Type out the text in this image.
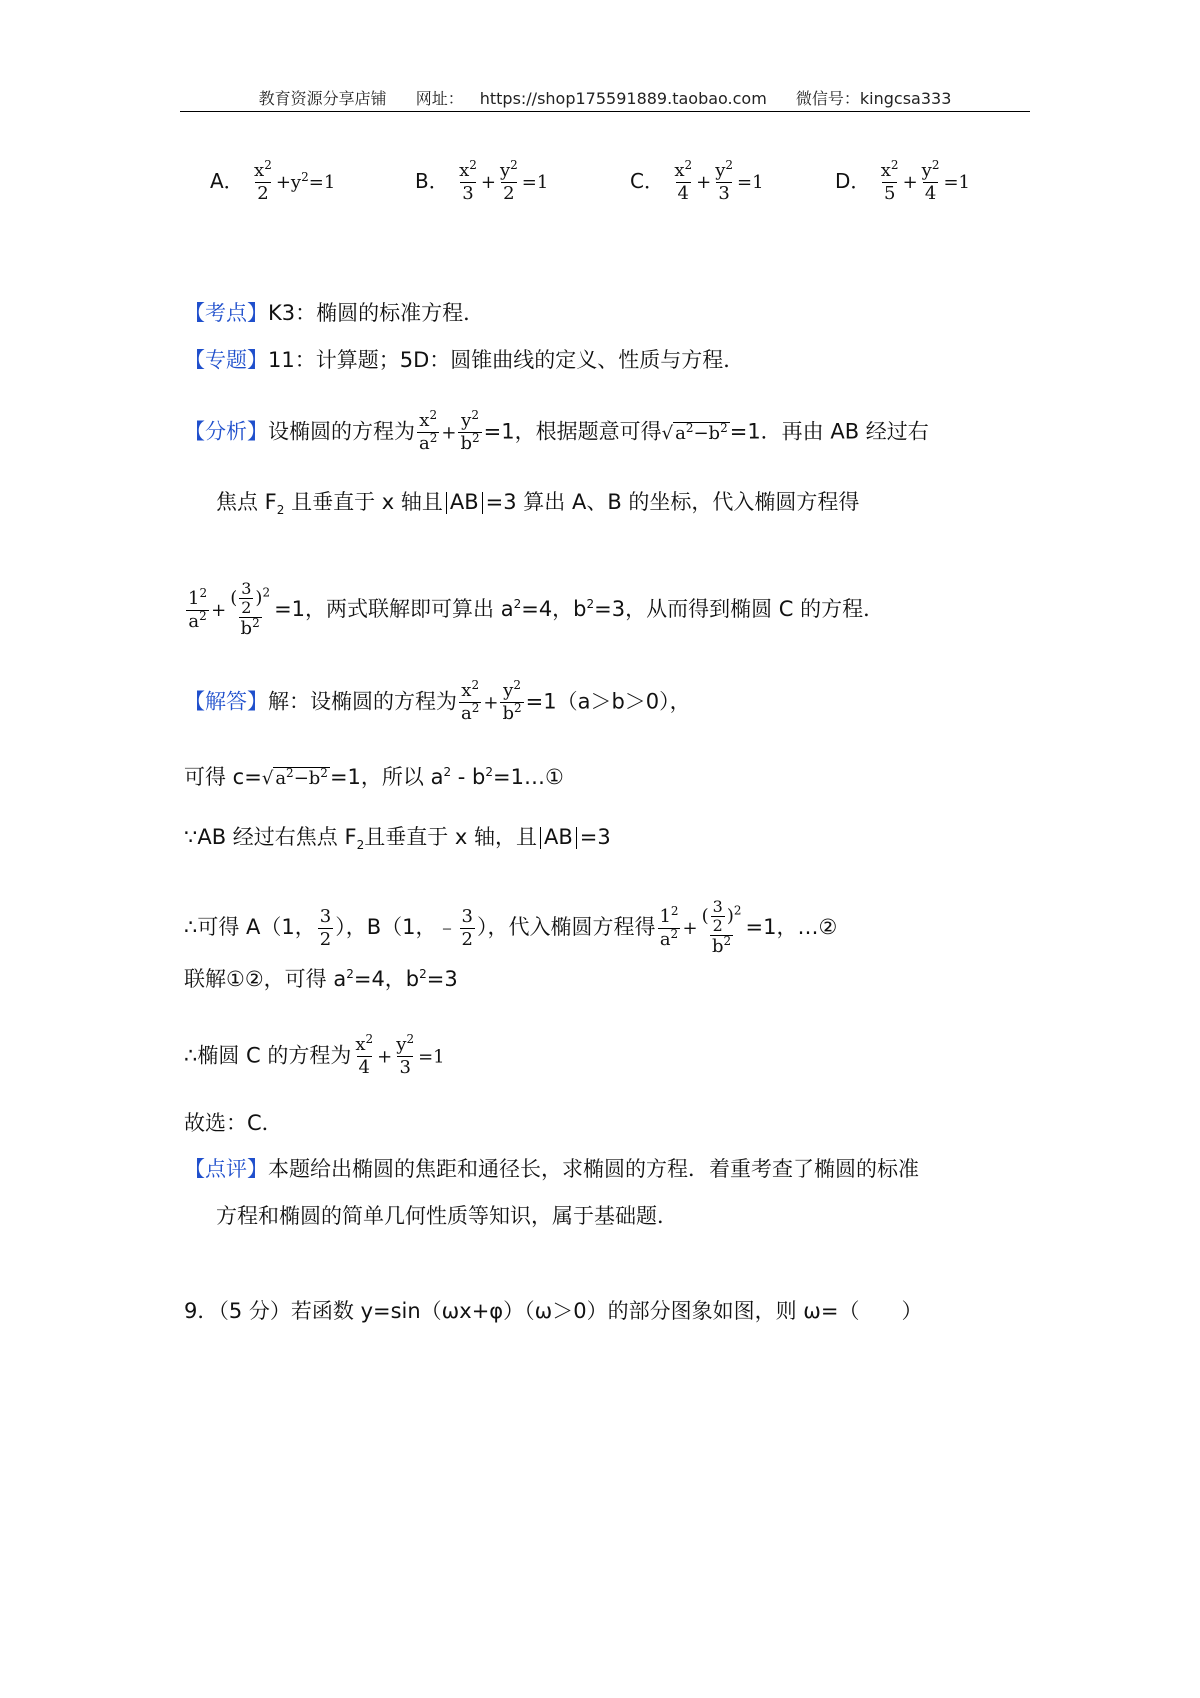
教育资源分享店铺 网址： https://shop175591889.taobao.com 微信号：kingcsa333
A． $\frac{x^2}{2} +y^2=1$	B． $\frac{x^2}{3} + \frac{y^2}{2} =1$	C． $\frac{x^2}{4} + \frac{y^2}{3} =1$	D． $\frac{x^2}{5} + \frac{y^2}{4} =1$
【考点】K3：椭圆的标准方程．
【专题】11：计算题；5D：圆锥曲线的定义、性质与方程．
【分析】设椭圆的方程为 $\frac{x^2}{a^2} + \frac{y^2}{b^2} =1$，根据题意可得√ $a^2-b^2=1$．再由 AB 经过右
焦点 $F_2$ 且垂直于 x 轴且 AB =3 算出 A、B 的坐标，代入椭圆方程得
$\frac{1^2}{a^2} + \frac{( \frac{3}{2} )^2}{b^2} =1$，两式联解即可算出 $a^2=4$，$b^2=3$，从而得到椭圆 C 的方程．
【解答】解：设椭圆的方程为 $\frac{x^2}{a^2} + \frac{y^2}{b^2} =1(a>b>0)$，
可得 c=√ $a^2-b^2=1$，所以 $a^2$ - $b^2=1\dots ①$
∵AB 经过右焦点 $F_2$且垂直于 x 轴，且 AB =3
∴可得 A（1， $\frac{3}{2}$ ），B（1，﹣ $\frac{3}{2}$ ），代入椭圆方程得 $\frac{1^2}{a^2} + \frac{( \frac{3}{2} )^2}{b^2} =1$，…②
联解①②，可得 $a^2=4$，$b^2=3$
∴椭圆 C 的方程为 $\frac{x^2}{4} + \frac{y^2}{3} =1$
故选：C．
【点评】本题给出椭圆的焦距和通径长，求椭圆的方程．着重考查了椭圆的标准
方程和椭圆的简单几何性质等知识，属于基础题．
9．（5 分）若函数 y=sin（ωx+φ）（ω＞0）的部分图象如图，则 ω=（　　）
